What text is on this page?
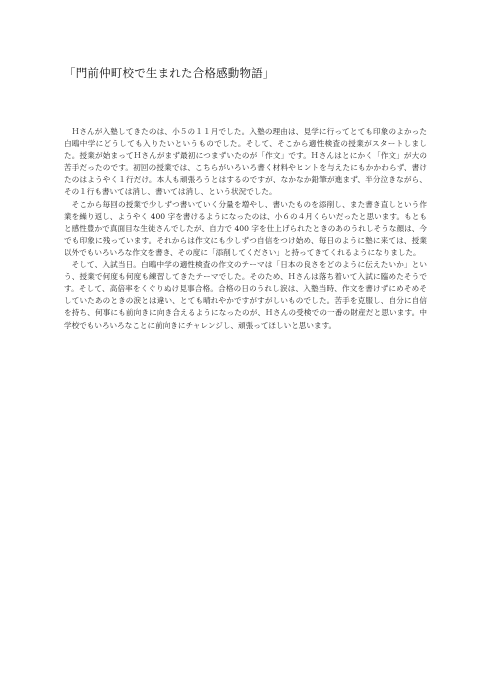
「門前仲町校で生まれた合格感動物語」

Ｈさんが入塾してきたのは、小５の１１月でした。入塾の理由は、見学に行ってとても印象のよかった白鴎中学にどうしても入りたいというものでした。そして、そこから適性検査の授業がスタートしました。授業が始まってＨさんがまず最初につまずいたのが「作文」です。Ｈさんはとにかく「作文」が大の苦手だったのです。初回の授業では、こちらがいろいろ書く材料やヒントを与えたにもかかわらず、書けたのはようやく１行だけ。本人も頑張ろうとはするのですが、なかなか鉛筆が進まず、半分泣きながら、その１行も書いては消し、書いては消し、という状況でした。

そこから毎回の授業で少しずつ書いていく分量を増やし、書いたものを添削し、また書き直しという作業を繰り返し、ようやく 400 字を書けるようになったのは、小６の４月くらいだったと思います。もともと感性豊かで真面目な生徒さんでしたが、自力で 400 字を仕上げられたときのあのうれしそうな顔は、今でも印象に残っています。それからは作文にも少しずつ自信をつけ始め、毎日のように塾に来ては、授業以外でもいろいろな作文を書き、その度に「添削してください」と持ってきてくれるようになりました。

そして、入試当日。白鴎中学の適性検査の作文のテーマは「日本の良さをどのように伝えたいか」という、授業で何度も何度も練習してきたテーマでした。そのため、Ｈさんは落ち着いて入試に臨めたそうです。そして、高倍率をくぐりぬけ見事合格。合格の日のうれし涙は、入塾当時、作文を書けずにめそめそしていたあのときの涙とは違い、とても晴れやかですがすがしいものでした。苦手を克服し、自分に自信を持ち、何事にも前向きに向き合えるようになったのが、Ｈさんの受検での一番の財産だと思います。中学校でもいろいろなことに前向きにチャレンジし、頑張ってほしいと思います。
